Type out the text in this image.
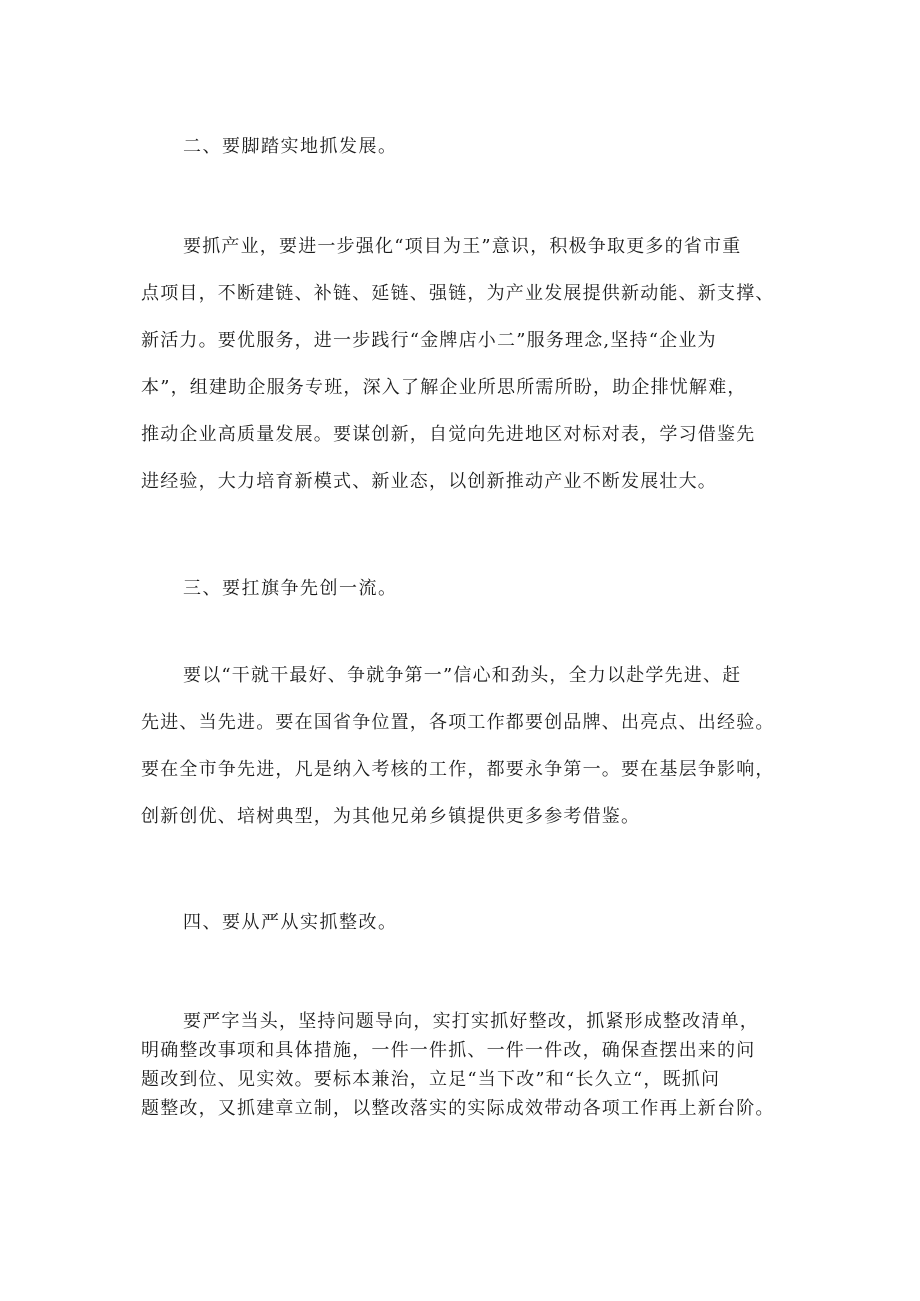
二、要脚踏实地抓发展。
要抓产业，要进一步强化“项目为王”意识，积极争取更多的省市重
点项目，不断建链、补链、延链、强链，为产业发展提供新动能、新支撑、
新活力。要优服务，进一步践行“金牌店小二”服务理念,坚持“企业为
本”，组建助企服务专班，深入了解企业所思所需所盼，助企排忧解难，
推动企业高质量发展。要谋创新，自觉向先进地区对标对表，学习借鉴先
进经验，大力培育新模式、新业态，以创新推动产业不断发展壮大。
三、要扛旗争先创一流。
要以“干就干最好、争就争第一”信心和劲头，全力以赴学先进、赶
先进、当先进。要在国省争位置，各项工作都要创品牌、出亮点、出经验。
要在全市争先进，凡是纳入考核的工作，都要永争第一。要在基层争影响，
创新创优、培树典型，为其他兄弟乡镇提供更多参考借鉴。
四、要从严从实抓整改。
要严字当头，坚持问题导向，实打实抓好整改，抓紧形成整改清单，
明确整改事项和具体措施，一件一件抓、一件一件改，确保查摆出来的问
题改到位、见实效。要标本兼治，立足“当下改”和“长久立“，既抓问
题整改，又抓建章立制，以整改落实的实际成效带动各项工作再上新台阶。
